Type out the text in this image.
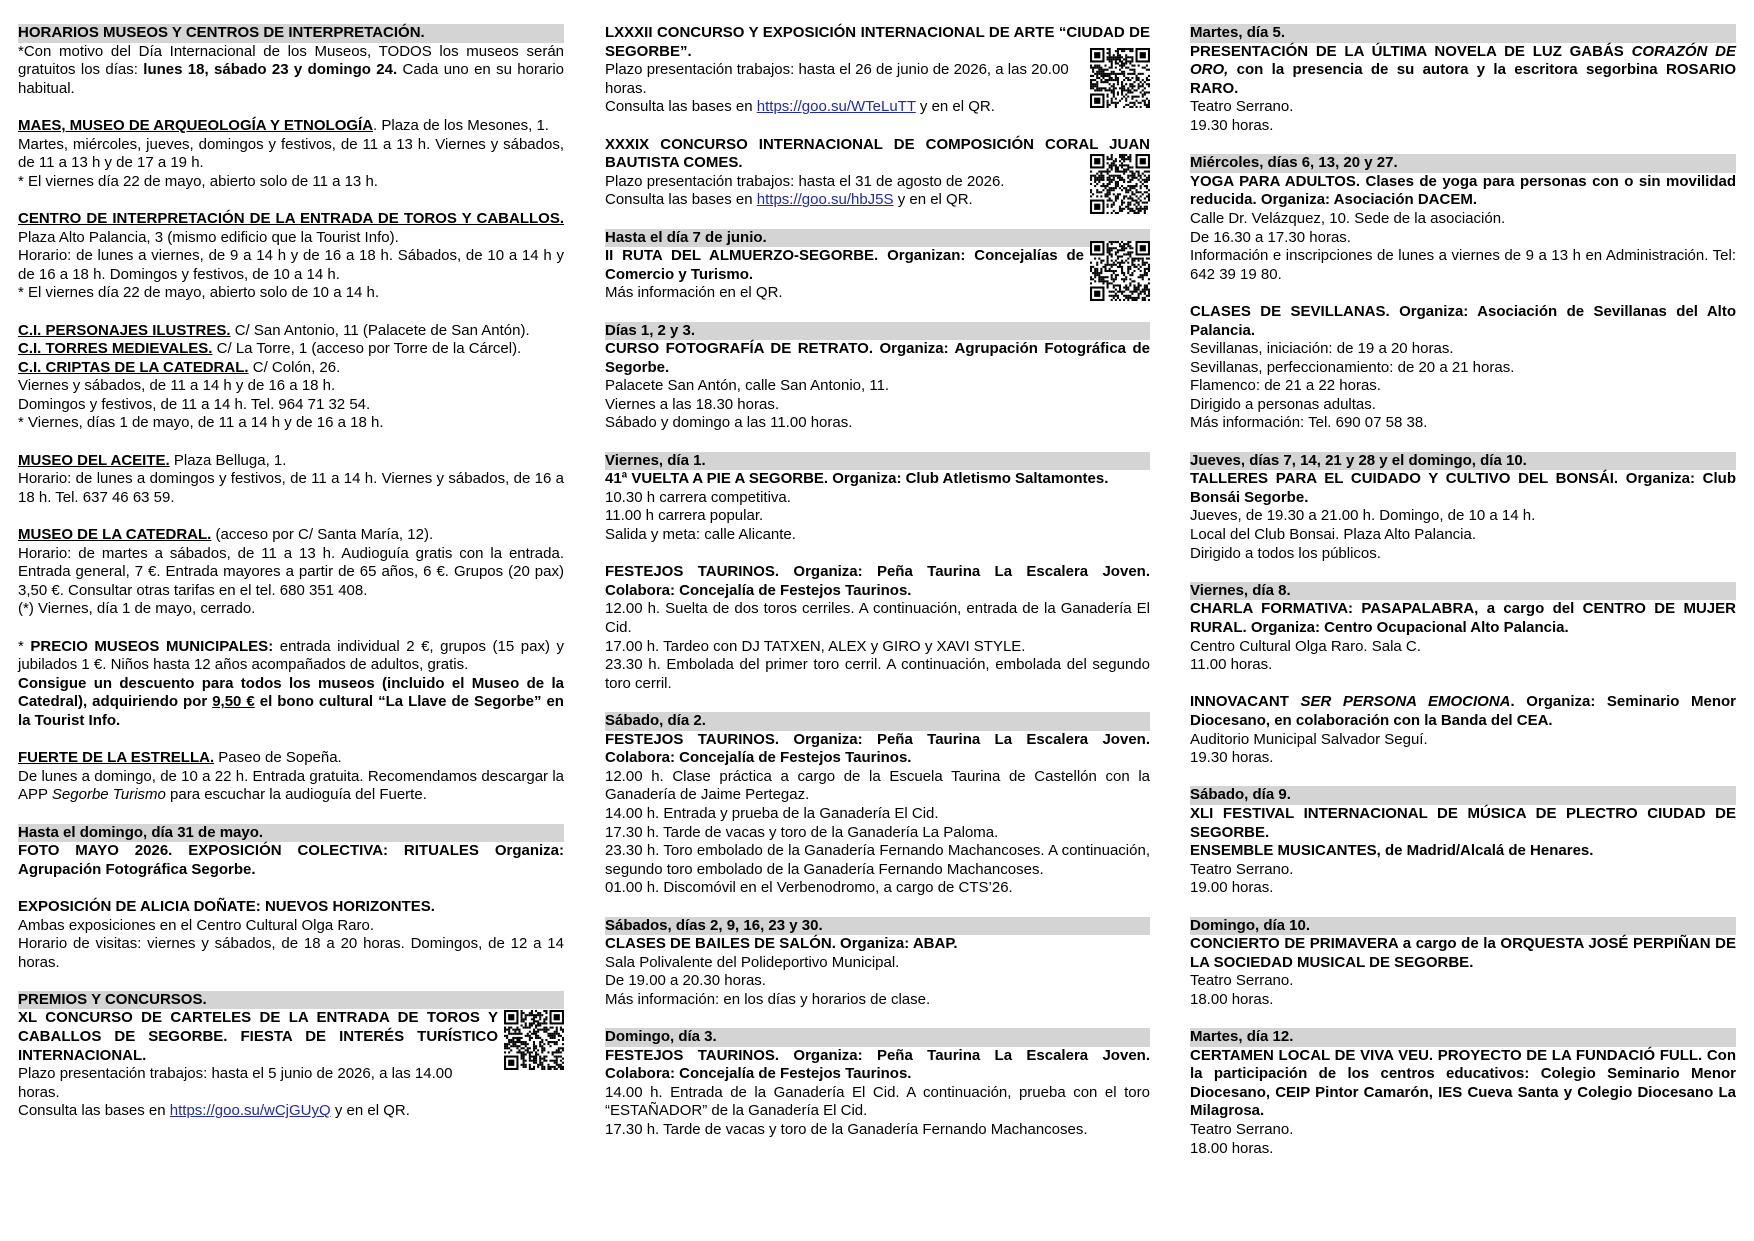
HORARIOS MUSEOS Y CENTROS DE INTERPRETACIÓN.
*Con motivo del Día Internacional de los Museos, TODOS los museos serán gratuitos los días: lunes 18, sábado 23 y domingo 24. Cada uno en su horario habitual.
MAES, MUSEO DE ARQUEOLOGÍA Y ETNOLOGÍA. Plaza de los Mesones, 1.
Martes, miércoles, jueves, domingos y festivos, de 11 a 13 h. Viernes y sábados, de 11 a 13 h y de 17 a 19 h.
* El viernes día 22 de mayo, abierto solo de 11 a 13 h.
CENTRO DE INTERPRETACIÓN DE LA ENTRADA DE TOROS Y CABALLOS. Plaza Alto Palancia, 3 (mismo edificio que la Tourist Info).
Horario: de lunes a viernes, de 9 a 14 h y de 16 a 18 h. Sábados, de 10 a 14 h y de 16 a 18 h. Domingos y festivos, de 10 a 14 h.
* El viernes día 22 de mayo, abierto solo de 10 a 14 h.
C.I. PERSONAJES ILUSTRES. C/ San Antonio, 11 (Palacete de San Antón).
C.I. TORRES MEDIEVALES. C/ La Torre, 1 (acceso por Torre de la Cárcel).
C.I. CRIPTAS DE LA CATEDRAL. C/ Colón, 26.
Viernes y sábados, de 11 a 14 h y de 16 a 18 h.
Domingos y festivos, de 11 a 14 h. Tel. 964 71 32 54.
* Viernes, días 1 de mayo, de 11 a 14 h y de 16 a 18 h.
MUSEO DEL ACEITE. Plaza Belluga, 1.
Horario: de lunes a domingos y festivos, de 11 a 14 h. Viernes y sábados, de 16 a 18 h. Tel. 637 46 63 59.
MUSEO DE LA CATEDRAL. (acceso por C/ Santa María, 12).
Horario: de martes a sábados, de 11 a 13 h. Audioguía gratis con la entrada. Entrada general, 7 €. Entrada mayores a partir de 65 años, 6 €. Grupos (20 pax) 3,50 €. Consultar otras tarifas en el tel. 680 351 408.
(*) Viernes, día 1 de mayo, cerrado.
* PRECIO MUSEOS MUNICIPALES: entrada individual 2 €, grupos (15 pax) y jubilados 1 €. Niños hasta 12 años acompañados de adultos, gratis.
Consigue un descuento para todos los museos (incluido el Museo de la Catedral), adquiriendo por 9,50 € el bono cultural “La Llave de Segorbe” en la Tourist Info.
FUERTE DE LA ESTRELLA. Paseo de Sopeña.
De lunes a domingo, de 10 a 22 h. Entrada gratuita. Recomendamos descargar la APP Segorbe Turismo para escuchar la audioguía del Fuerte.
Hasta el domingo, día 31 de mayo.
FOTO MAYO 2026. EXPOSICIÓN COLECTIVA: RITUALES Organiza: Agrupación Fotográfica Segorbe.
EXPOSICIÓN DE ALICIA DOÑATE: NUEVOS HORIZONTES.
Ambas exposiciones en el Centro Cultural Olga Raro.
Horario de visitas: viernes y sábados, de 18 a 20 horas. Domingos, de 12 a 14 horas.
PREMIOS Y CONCURSOS.
XL CONCURSO DE CARTELES DE LA ENTRADA DE TOROS Y CABALLOS DE SEGORBE. FIESTA DE INTERÉS TURÍSTICO INTERNACIONAL.
Plazo presentación trabajos: hasta el 5 junio de 2026, a las 14.00 horas.
Consulta las bases en https://goo.su/wCjGUyQ y en el QR.
LXXXII CONCURSO Y EXPOSICIÓN INTERNACIONAL DE ARTE “CIUDAD DE SEGORBE”.
Plazo presentación trabajos: hasta el 26 de junio de 2026, a las 20.00 horas.
Consulta las bases en https://goo.su/WTeLuTT y en el QR.
XXXIX CONCURSO INTERNACIONAL DE COMPOSICIÓN CORAL JUAN BAUTISTA COMES.
Plazo presentación trabajos: hasta el 31 de agosto de 2026.
Consulta las bases en https://goo.su/hbJ5S y en el QR.
Hasta el día 7 de junio.
II RUTA DEL ALMUERZO-SEGORBE. Organizan: Concejalías de Comercio y Turismo.
Más información en el QR.
Días 1, 2 y 3.
CURSO FOTOGRAFÍA DE RETRATO. Organiza: Agrupación Fotográfica de Segorbe.
Palacete San Antón, calle San Antonio, 11.
Viernes a las 18.30 horas.
Sábado y domingo a las 11.00 horas.
Viernes, día 1.
41ª VUELTA A PIE A SEGORBE. Organiza: Club Atletismo Saltamontes.
10.30 h carrera competitiva.
11.00 h carrera popular.
Salida y meta: calle Alicante.
FESTEJOS TAURINOS. Organiza: Peña Taurina La Escalera Joven. Colabora: Concejalía de Festejos Taurinos.
12.00 h. Suelta de dos toros cerriles. A continuación, entrada de la Ganadería El Cid.
17.00 h. Tardeo con DJ TATXEN, ALEX y GIRO y XAVI STYLE.
23.30 h. Embolada del primer toro cerril. A continuación, embolada del segundo toro cerril.
Sábado, día 2.
FESTEJOS TAURINOS. Organiza: Peña Taurina La Escalera Joven. Colabora: Concejalía de Festejos Taurinos.
12.00 h. Clase práctica a cargo de la Escuela Taurina de Castellón con la Ganadería de Jaime Pertegaz.
14.00 h. Entrada y prueba de la Ganadería El Cid.
17.30 h. Tarde de vacas y toro de la Ganadería La Paloma.
23.30 h. Toro embolado de la Ganadería Fernando Machancoses. A continuación, segundo toro embolado de la Ganadería Fernando Machancoses.
01.00 h. Discomóvil en el Verbenodromo, a cargo de CTS’26.
Sábados, días 2, 9, 16, 23 y 30.
CLASES DE BAILES DE SALÓN. Organiza: ABAP.
Sala Polivalente del Polideportivo Municipal.
De 19.00 a 20.30 horas.
Más información: en los días y horarios de clase.
Domingo, día 3.
FESTEJOS TAURINOS. Organiza: Peña Taurina La Escalera Joven. Colabora: Concejalía de Festejos Taurinos.
14.00 h. Entrada de la Ganadería El Cid. A continuación, prueba con el toro “ESTAÑADOR” de la Ganadería El Cid.
17.30 h. Tarde de vacas y toro de la Ganadería Fernando Machancoses.
Martes, día 5.
PRESENTACIÓN DE LA ÚLTIMA NOVELA DE LUZ GABÁS CORAZÓN DE ORO, con la presencia de su autora y la escritora segorbina ROSARIO RARO.
Teatro Serrano.
19.30 horas.
Miércoles, días 6, 13, 20 y 27.
YOGA PARA ADULTOS. Clases de yoga para personas con o sin movilidad reducida. Organiza: Asociación DACEM.
Calle Dr. Velázquez, 10. Sede de la asociación.
De 16.30 a 17.30 horas.
Información e inscripciones de lunes a viernes de 9 a 13 h en Administración. Tel: 642 39 19 80.
CLASES DE SEVILLANAS. Organiza: Asociación de Sevillanas del Alto Palancia.
Sevillanas, iniciación: de 19 a 20 horas.
Sevillanas, perfeccionamiento: de 20 a 21 horas.
Flamenco: de 21 a 22 horas.
Dirigido a personas adultas.
Más información: Tel. 690 07 58 38.
Jueves, días 7, 14, 21 y 28 y el domingo, día 10.
TALLERES PARA EL CUIDADO Y CULTIVO DEL BONSÁI. Organiza: Club Bonsái Segorbe.
Jueves, de 19.30 a 21.00 h. Domingo, de 10 a 14 h.
Local del Club Bonsai. Plaza Alto Palancia.
Dirigido a todos los públicos.
Viernes, día 8.
CHARLA FORMATIVA: PASAPALABRA, a cargo del CENTRO DE MUJER RURAL. Organiza: Centro Ocupacional Alto Palancia.
Centro Cultural Olga Raro. Sala C.
11.00 horas.
INNOVACANT SER PERSONA EMOCIONA. Organiza: Seminario Menor Diocesano, en colaboración con la Banda del CEA.
Auditorio Municipal Salvador Seguí.
19.30 horas.
Sábado, día 9.
XLI FESTIVAL INTERNACIONAL DE MÚSICA DE PLECTRO CIUDAD DE SEGORBE.
ENSEMBLE MUSICANTES, de Madrid/Alcalá de Henares.
Teatro Serrano.
19.00 horas.
Domingo, día 10.
CONCIERTO DE PRIMAVERA a cargo de la ORQUESTA JOSÉ PERPIÑAN DE LA SOCIEDAD MUSICAL DE SEGORBE.
Teatro Serrano.
18.00 horas.
Martes, día 12.
CERTAMEN LOCAL DE VIVA VEU. PROYECTO DE LA FUNDACIÓ FULL. Con la participación de los centros educativos: Colegio Seminario Menor Diocesano, CEIP Pintor Camarón, IES Cueva Santa y Colegio Diocesano La Milagrosa.
Teatro Serrano.
18.00 horas.
